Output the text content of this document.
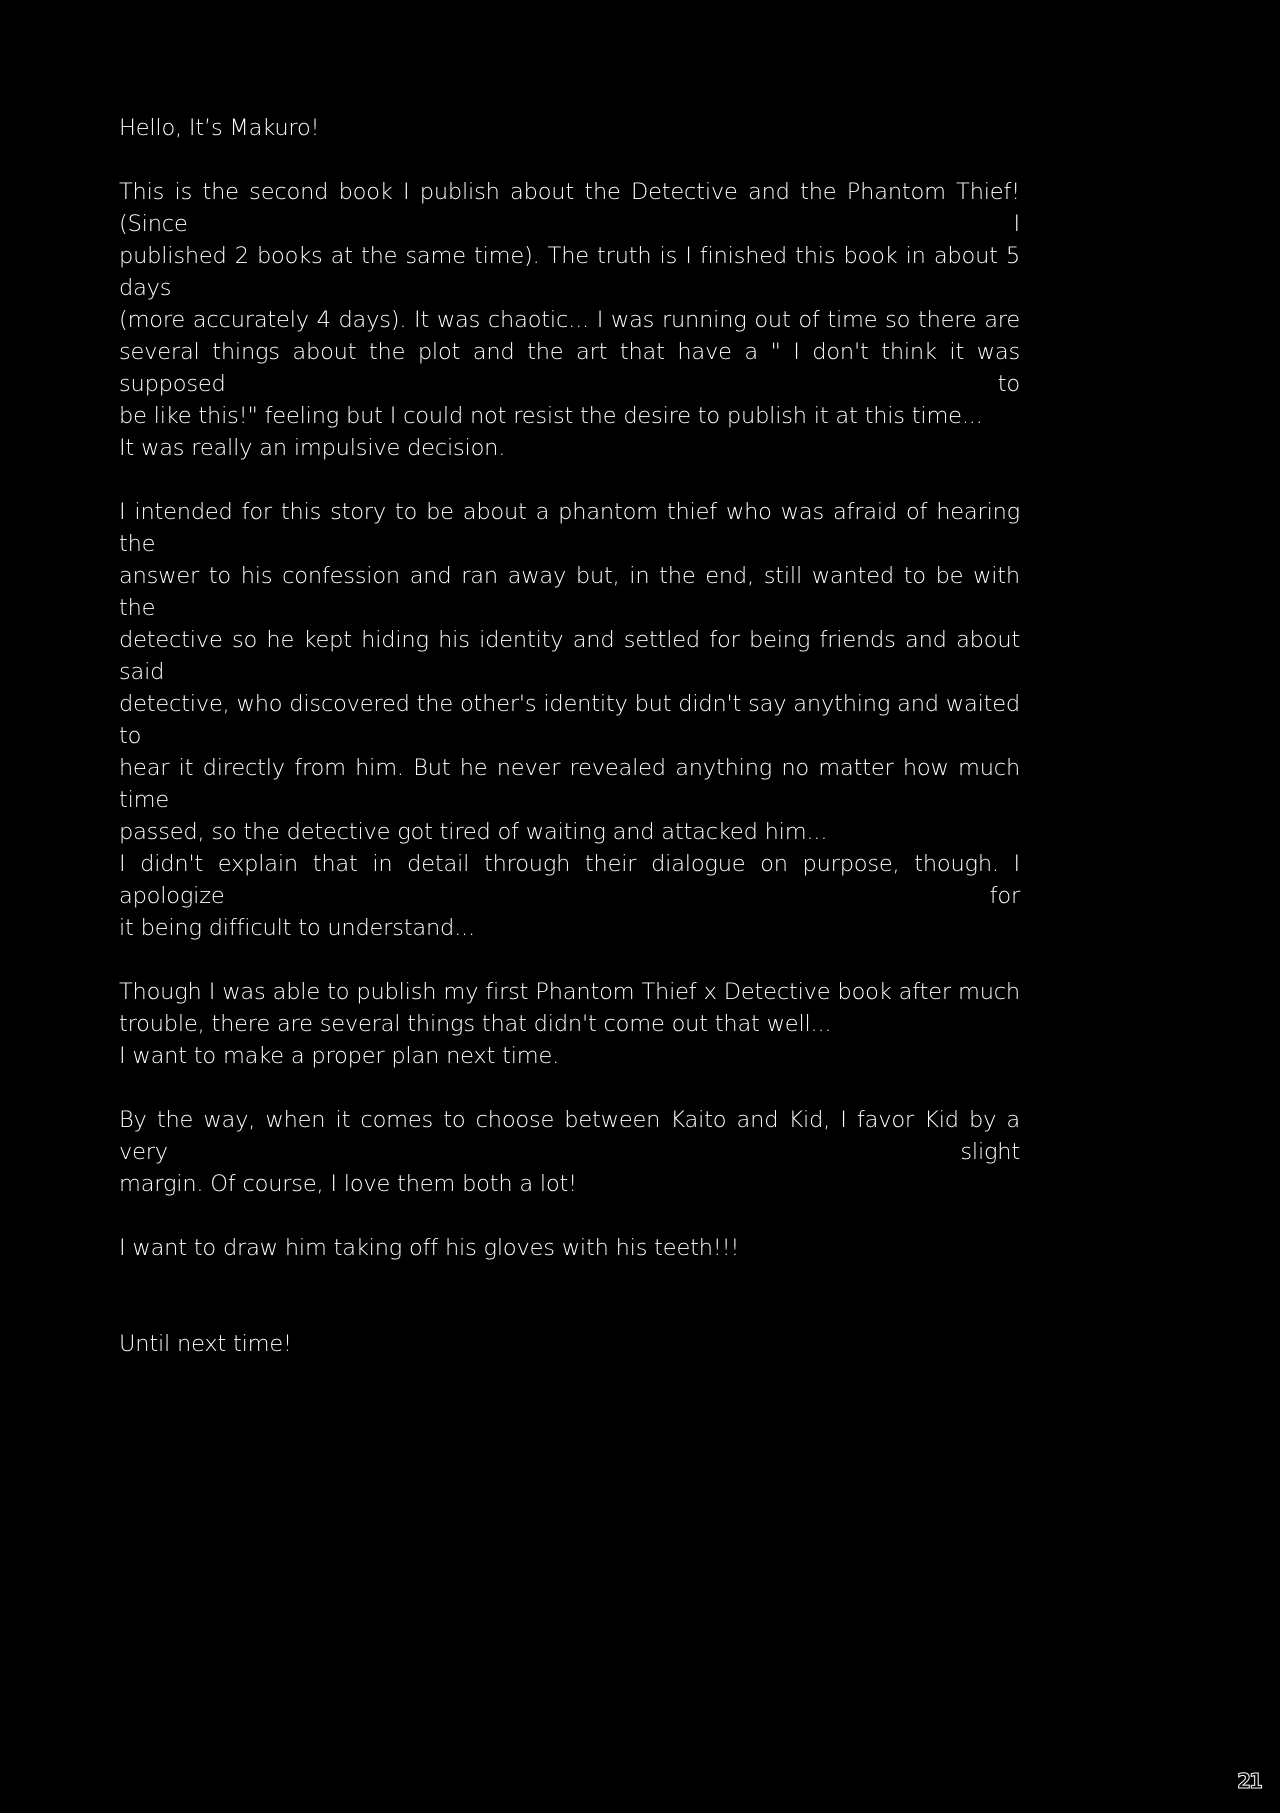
Hello, It’s Makuro!

This is the second book I publish about the Detective and the Phantom Thief! (Since I
published 2 books at the same time). The truth is I finished this book in about 5 days
(more accurately 4 days). It was chaotic... I was running out of time so there are
several things about the plot and the art that have a " I don't think it was supposed to
be like this!" feeling but I could not resist the desire to publish it at this time...
It was really an impulsive decision.

I intended for this story to be about a phantom thief who was afraid of hearing the
answer to his confession and ran away but, in the end, still wanted to be with the
detective so he kept hiding his identity and settled for being friends and about said
detective, who discovered the other's identity but didn't say anything and waited to
hear it directly from him. But he never revealed anything no matter how much time
passed, so the detective got tired of waiting and attacked him...
I didn't explain that in detail through their dialogue on purpose, though. I apologize for
it being difficult to understand...

Though I was able to publish my first Phantom Thief x Detective book after much
trouble, there are several things that didn't come out that well...
I want to make a proper plan next time.

By the way, when it comes to choose between Kaito and Kid, I favor Kid by a very slight
margin. Of course, I love them both a lot!

I want to draw him taking off his gloves with his teeth!!!

Until next time!

21
